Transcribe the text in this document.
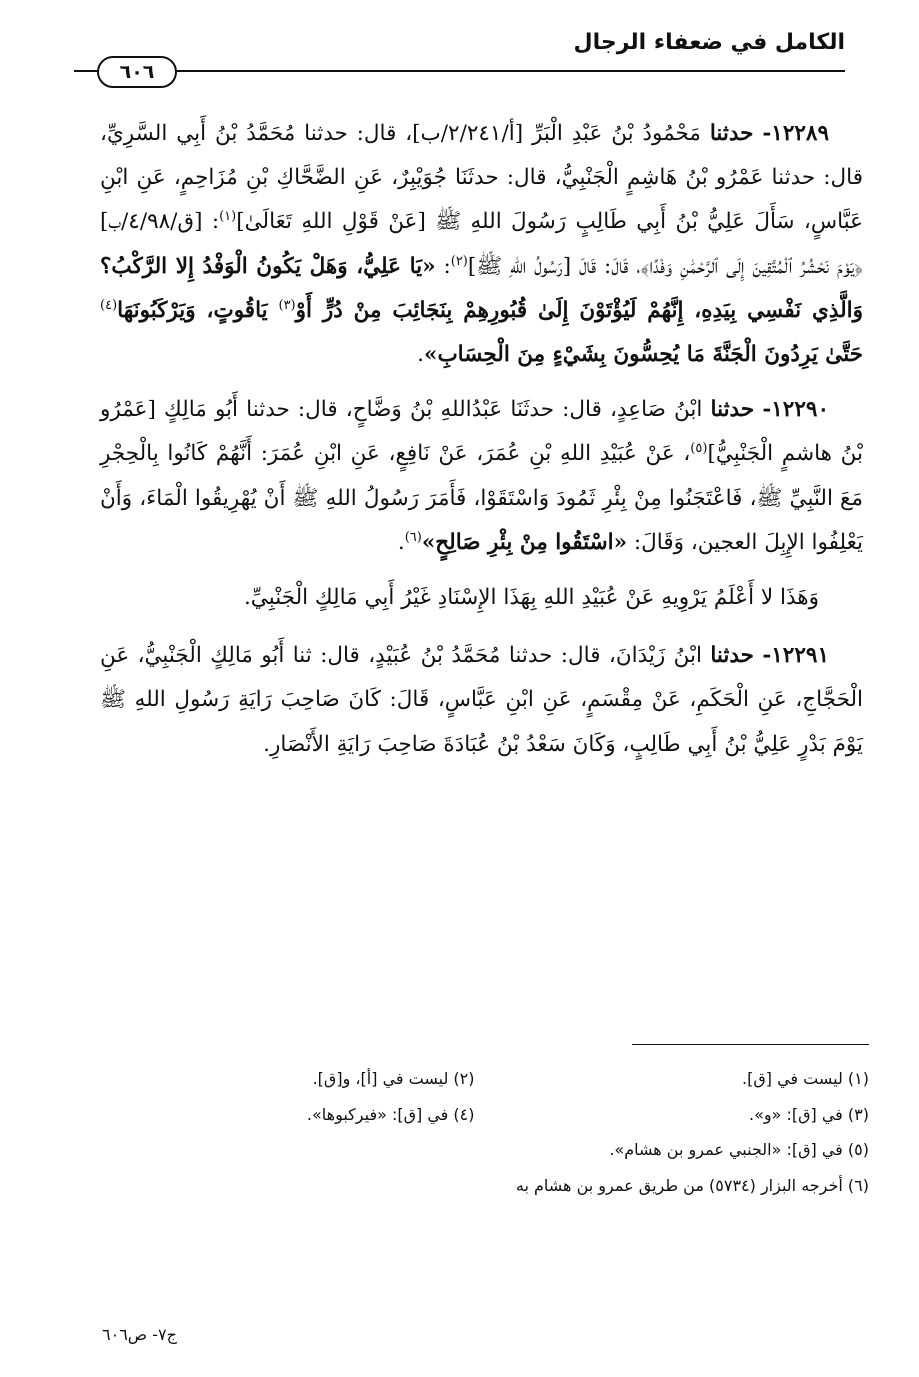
الكامل في ضعفاء الرجال
٦٠٦

١٢٢٨٩- حدثنا مَحْمُودُ بْنُ عَبْدِ الْبَرِّ [أ/٢/٢٤١/ب]، قال: حدثنا مُحَمَّدُ بْنُ أَبِي السَّرِيِّ، قال: حدثنا عَمْرُو بْنُ هَاشِمٍ الْجَنْبِيُّ، قال: حدثَنَا جُوَيْبِرٌ، عَنِ الضَّحَّاكِ بْنِ مُزَاحِمٍ، عَنِ ابْنِ عَبَّاسٍ، سَأَلَ عَلِيُّ بْنُ أَبِي طَالِبٍ رَسُولَ اللهِ ﷺ [عَنْ قَوْلِ اللهِ تَعَالَىٰ]$^{(١)}$: [ق/٤/٩٨/ب] ﴿يَوْمَ نَحْشُرُ ٱلْمُتَّقِينَ إِلَى ٱلرَّحْمَٰنِ وَفْدًا﴾، قَالَ: قَالَ [رَسُولُ اللهِ ﷺ]$^{(٢)}$: «يَا عَلِيُّ، وَهَلْ يَكُونُ الْوَفْدُ إِلا الرَّكْبُ؟ وَالَّذِي نَفْسِي بِيَدِهِ، إِنَّهُمْ لَيُؤْتَوْنَ إِلَىٰ قُبُورِهِمْ بِنَجَائِبَ مِنْ دُرٍّ أَوْ$^{(٣)}$ يَاقُوتٍ، وَيَرْكَبُونَهَا$^{(٤)}$ حَتَّىٰ يَرِدُونَ الْجَنَّةَ مَا يُحِسُّونَ بِشَيْءٍ مِنَ الْحِسَابِ».

١٢٢٩٠- حدثنا ابْنُ صَاعِدٍ، قال: حدثَنَا عَبْدُاللهِ بْنُ وَضَّاحٍ، قال: حدثنا أَبُو مَالِكٍ [عَمْرُو بْنُ هاشمٍ الْجَنْبِيُّ]$^{(٥)}$، عَنْ عُبَيْدِ اللهِ بْنِ عُمَرَ، عَنْ نَافِعٍ، عَنِ ابْنِ عُمَرَ: أَنَّهُمْ كَانُوا بِالْحِجْرِ مَعَ النَّبِيِّ ﷺ، فَاعْتَجَنُوا مِنْ بِئْرِ ثَمُودَ وَاسْتَقَوْا، فَأَمَرَ رَسُولُ اللهِ ﷺ أَنْ يُهْرِيقُوا الْمَاءَ، وَأَنْ يَعْلِفُوا الإِبِلَ العجين، وَقَالَ: «اسْتَقُوا مِنْ بِئْرِ صَالِحٍ»$^{(٦)}$.

وَهَذَا لا أَعْلَمُ يَرْوِيهِ عَنْ عُبَيْدِ اللهِ بِهَذَا الإِسْنَادِ غَيْرُ أَبِي مَالِكٍ الْجَنْبِيِّ.

١٢٢٩١- حدثنا ابْنُ زَيْدَانَ، قال: حدثنا مُحَمَّدُ بْنُ عُبَيْدٍ، قال: ثنا أَبُو مَالِكٍ الْجَنْبِيُّ، عَنِ الْحَجَّاجِ، عَنِ الْحَكَمِ، عَنْ مِقْسَمٍ، عَنِ ابْنِ عَبَّاسٍ، قَالَ: كَانَ صَاحِبَ رَايَةِ رَسُولِ اللهِ ﷺ يَوْمَ بَدْرٍ عَلِيُّ بْنُ أَبِي طَالِبٍ، وَكَانَ سَعْدُ بْنُ عُبَادَةَ صَاحِبَ رَايَةِ الأَنْصَارِ.

(١) ليست في [ق].
(٢) ليست في [أ]، و[ق].
(٣) في [ق]: «و».
(٤) في [ق]: «فيركبوها».
(٥) في [ق]: «الجنبي عمرو بن هشام».
(٦) أخرجه البزار (٥٧٣٤) من طريق عمرو بن هشام به
ج٧- ص٦٠٦
